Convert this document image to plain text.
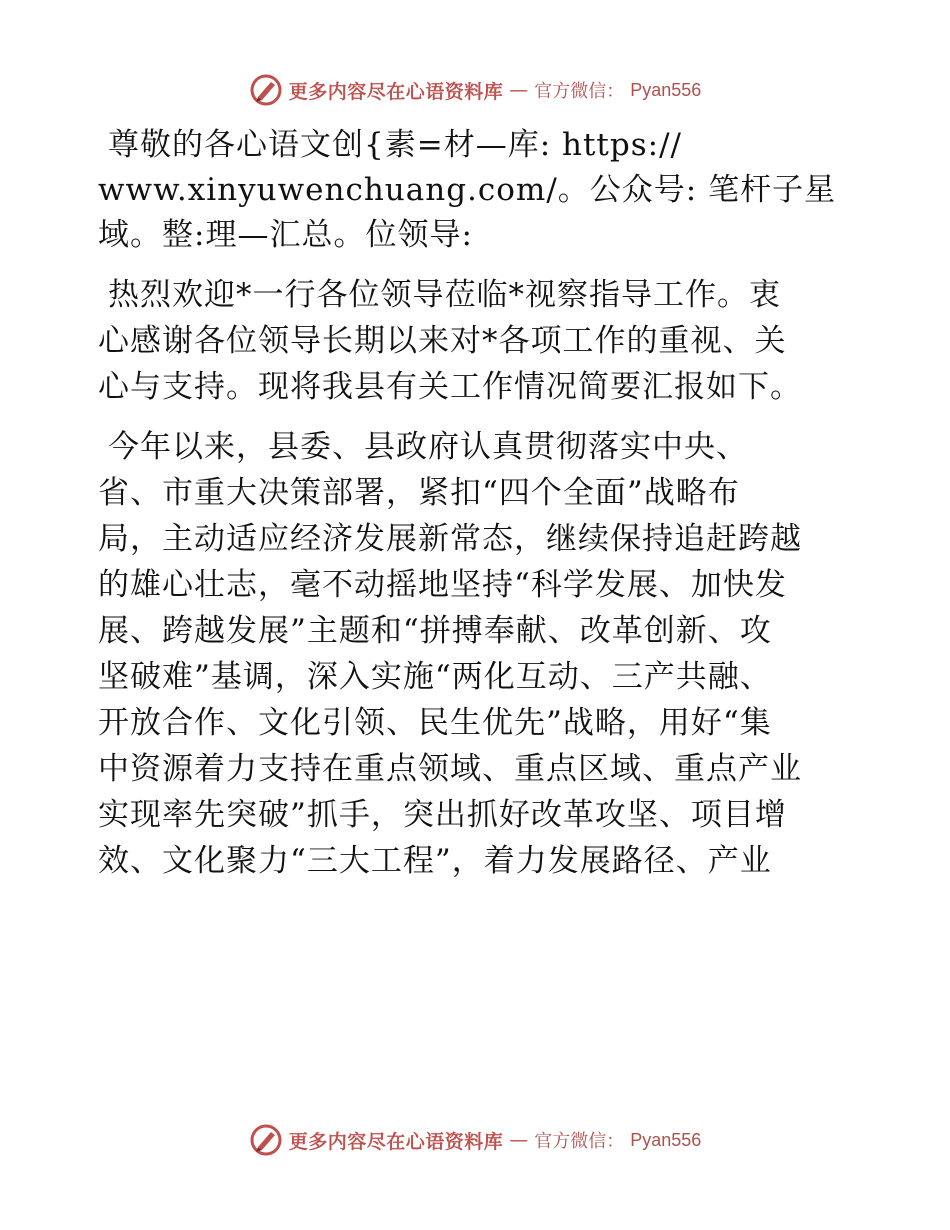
更多内容尽在心语资料库 — 官方微信： Pyan556

尊敬的各心语文创{素=材—库: https://
www.xinyuwenchuang.com/。公众号: 笔杆子星
域。整:理—汇总。位领导:

热烈欢迎*一行各位领导莅临*视察指导工作。衷
心感谢各位领导长期以来对*各项工作的重视、关
心与支持。现将我县有关工作情况简要汇报如下。

今年以来，县委、县政府认真贯彻落实中央、
省、市重大决策部署，紧扣“四个全面”战略布
局，主动适应经济发展新常态，继续保持追赶跨越
的雄心壮志，毫不动摇地坚持“科学发展、加快发
展、跨越发展”主题和“拼搏奉献、改革创新、攻
坚破难”基调，深入实施“两化互动、三产共融、
开放合作、文化引领、民生优先”战略，用好“集
中资源着力支持在重点领域、重点区域、重点产业
实现率先突破”抓手，突出抓好改革攻坚、项目增
效、文化聚力“三大工程”，着力发展路径、产业

更多内容尽在心语资料库 — 官方微信： Pyan556
